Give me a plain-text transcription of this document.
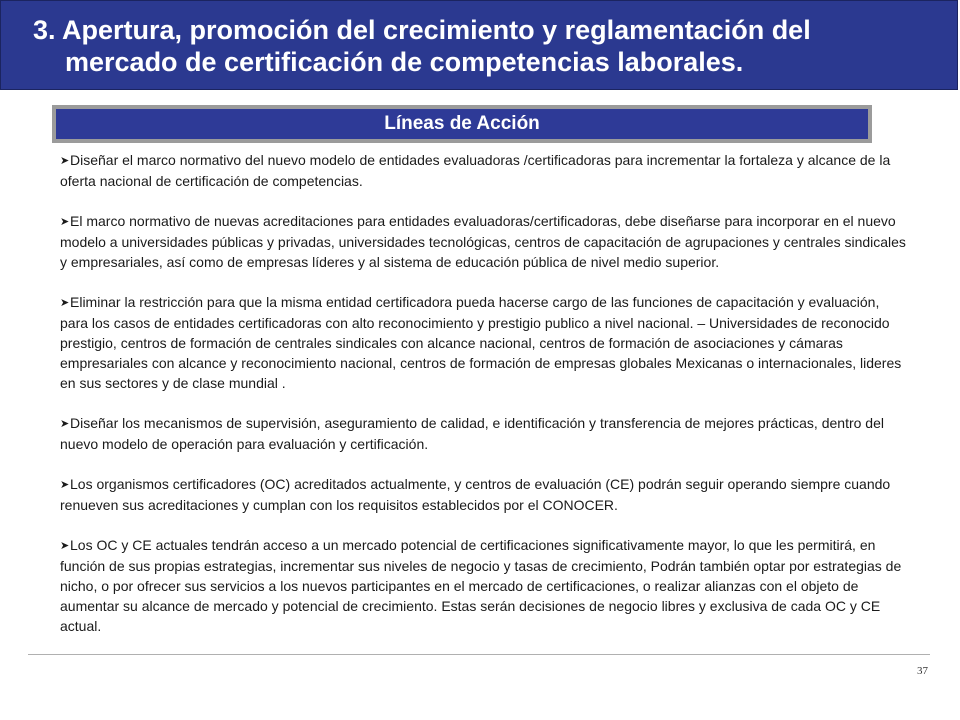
3. Apertura, promoción del crecimiento y reglamentación del
mercado de certificación de competencias laborales.
Líneas de Acción
➤Diseñar el marco normativo del nuevo modelo de entidades evaluadoras /certificadoras para incrementar la fortaleza y alcance de la oferta nacional de certificación de competencias.
➤El marco normativo de nuevas acreditaciones para entidades evaluadoras/certificadoras, debe diseñarse para incorporar en el nuevo modelo a universidades públicas y privadas, universidades tecnológicas, centros de capacitación de agrupaciones y centrales sindicales y empresariales, así como de empresas líderes y al sistema de educación pública de nivel medio superior.
➤Eliminar la restricción para que la misma entidad certificadora pueda hacerse cargo de las funciones de capacitación y evaluación, para los casos de entidades certificadoras con alto reconocimiento y prestigio publico a nivel nacional. – Universidades de reconocido prestigio, centros de formación de centrales sindicales con alcance nacional, centros de formación de asociaciones y cámaras empresariales con alcance y reconocimiento nacional, centros de formación de empresas globales Mexicanas o internacionales, lideres en sus sectores y de clase mundial .
➤Diseñar los mecanismos de supervisión, aseguramiento de calidad, e identificación y transferencia de mejores prácticas, dentro del nuevo modelo de operación para evaluación y certificación.
➤Los organismos certificadores (OC) acreditados actualmente, y centros de evaluación (CE) podrán seguir operando siempre cuando renueven sus acreditaciones y cumplan con los requisitos establecidos por el CONOCER.
➤Los OC y CE actuales tendrán acceso a un mercado potencial de certificaciones significativamente mayor, lo que les permitirá, en función de sus propias estrategias, incrementar sus niveles de negocio y tasas de crecimiento, Podrán también optar por estrategias de nicho, o por ofrecer sus servicios a los nuevos participantes en el mercado de certificaciones, o realizar alianzas con el objeto de aumentar su alcance de mercado y potencial de crecimiento. Estas serán decisiones de negocio libres y exclusiva de cada OC y CE actual.
37
